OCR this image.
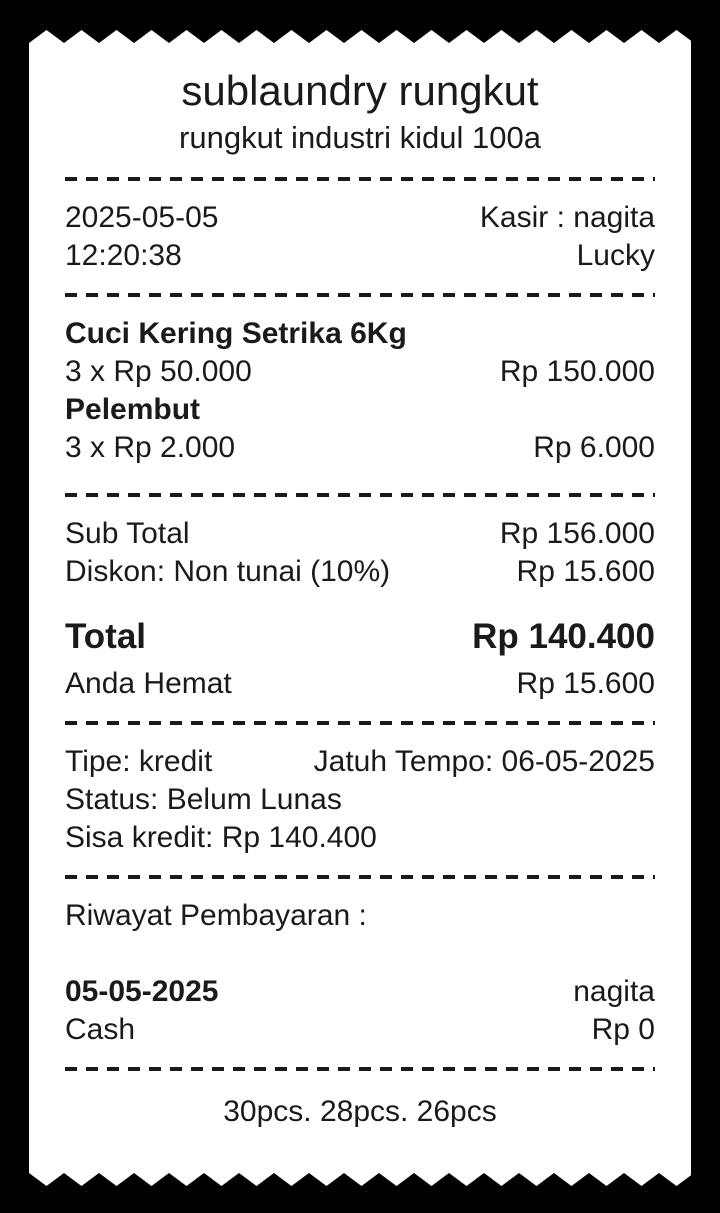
sublaundry rungkut
rungkut industri kidul 100a
2025-05-05	Kasir : nagita
12:20:38	Lucky
Cuci Kering Setrika 6Kg
3 x Rp 50.000	Rp 150.000
Pelembut
3 x Rp 2.000	Rp 6.000
Sub Total	Rp 156.000
Diskon: Non tunai (10%)	Rp 15.600
Total	Rp 140.400
Anda Hemat	Rp 15.600
Tipe: kredit	Jatuh Tempo: 06-05-2025
Status: Belum Lunas
Sisa kredit: Rp 140.400
Riwayat Pembayaran :
05-05-2025	nagita
Cash	Rp 0
30pcs. 28pcs. 26pcs
